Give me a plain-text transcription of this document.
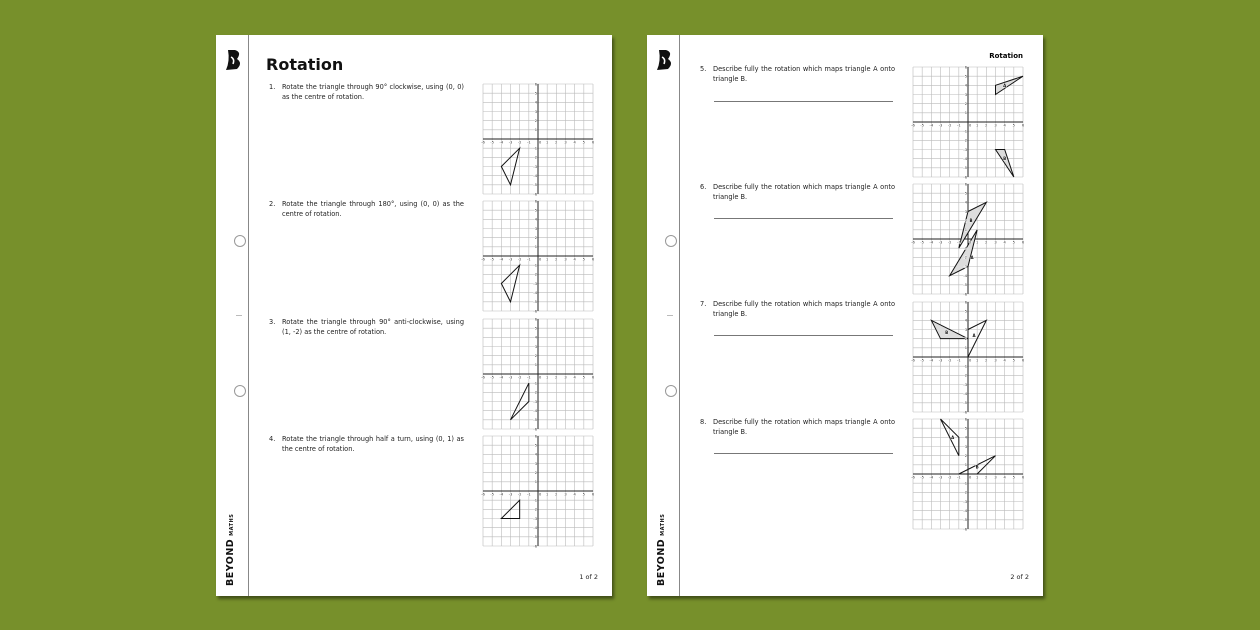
BEYONDMATHS
Rotation
1. Rotate the triangle through 90° clockwise, using (0, 0) as the centre of rotation.
2. Rotate the triangle through 180°, using (0, 0) as the centre of rotation.
3. Rotate the triangle through 90° anti-clockwise, using (1, -2) as the centre of rotation.
4. Rotate the triangle through half a turn, using (0, 1) as the centre of rotation.
-6
-6
-5
-5
-4
-4
-3
-3
-2
-2
-1
-1
0 1
1
2
2
3
3
4
4
5
5
6
6
-6
-6
-5
-5
-4
-4
-3
-3
-2
-2
-1
-1
0 1
1
2
2
3
3
4
4
5
5
6
6
-6
-6
-5
-5
-4
-4
-3
-3
-2
-2
-1
-1
0 1
1
2
2
3
3
4
4
5
5
6
6
-6
-6
-5
-5
-4
-4
-3
-3
-2
-2
-1
-1
0 1
1
2
2
3
3
4
4
5
5
6
6
1 of 2	BEYONDMATHS
Rotation
5. Describe fully the rotation which maps triangle A onto triangle B.
6. Describe fully the rotation which maps triangle A onto triangle B.
7. Describe fully the rotation which maps triangle A onto triangle B.
8. Describe fully the rotation which maps triangle A onto triangle B.
-6
-6
-5
-5
-4
-4
-3
-3
-2
-2
-1
-1
0 1
1
2
2
3
3
4
4
5
5
6
6
A
B
-6
-6
-5
-5
-4
-4
-3
-3
-2
-2
-1
-1
0 1
1
2
2
3
3
4
4
5
5
6
6
B
A
-6
-6
-5
-5
-4
-4
-3
-3
-2
-2
-1
-1
0 1
1
2
2
3
3
4
4
5
5
6
6
B
A
-6
-6
-5
-5
-4
-4
-3
-3
-2
-2
-1
-1
0 1
1
2
2
3
3
4
4
5
5
6
6
A
B
2 of 2
